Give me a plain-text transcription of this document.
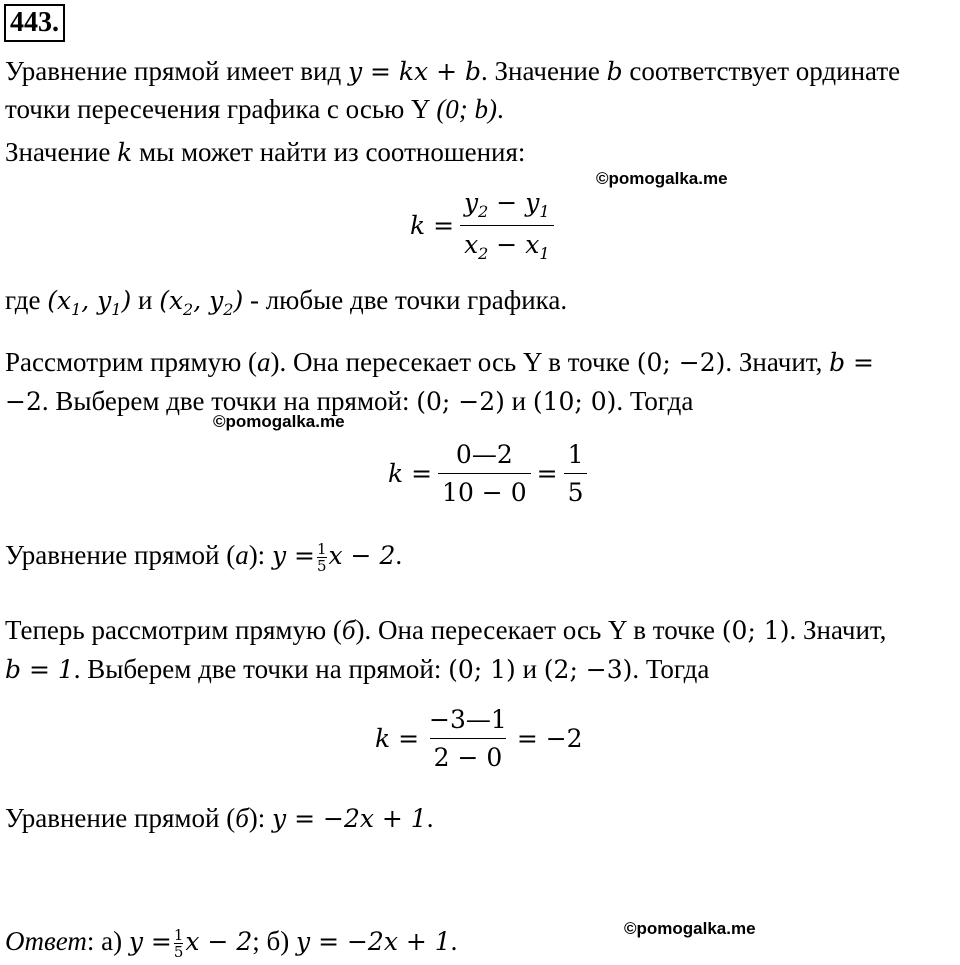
443.
Уравнение прямой имеет вид y = kx + b. Значение b соответствует ординате
точки пересечения графика с осью Y (0; b).
Значение k мы может найти из соотношения:
©pomogalka.me
$k = \frac{y_2 - y_1}{x_2 - x_1}$
где ($x_1$, $y_1$) и ($x_2$, $y_2$) - любые две точки графика.
Рассмотрим прямую (а). Она пересекает ось Y в точке (0; −2). Значит, b =
−2. Выберем две точки на прямой: (0; −2) и (10; 0). Тогда
©pomogalka.me
$k = \frac{0—2}{10 - 0} = \frac{1}{5}$
Уравнение прямой (а): $y = \frac{1}{5}$ x − 2.
Теперь рассмотрим прямую (б). Она пересекает ось Y в точке (0; 1). Значит,
b = 1. Выберем две точки на прямой: (0; 1) и (2; −3). Тогда
$k = \frac{-3—1}{2 - 0} = -2$
Уравнение прямой (б): y = −2x + 1.
Ответ: а) $y = \frac{1}{5}$ x − 2; б) y = −2x + 1.	©pomogalka.me
